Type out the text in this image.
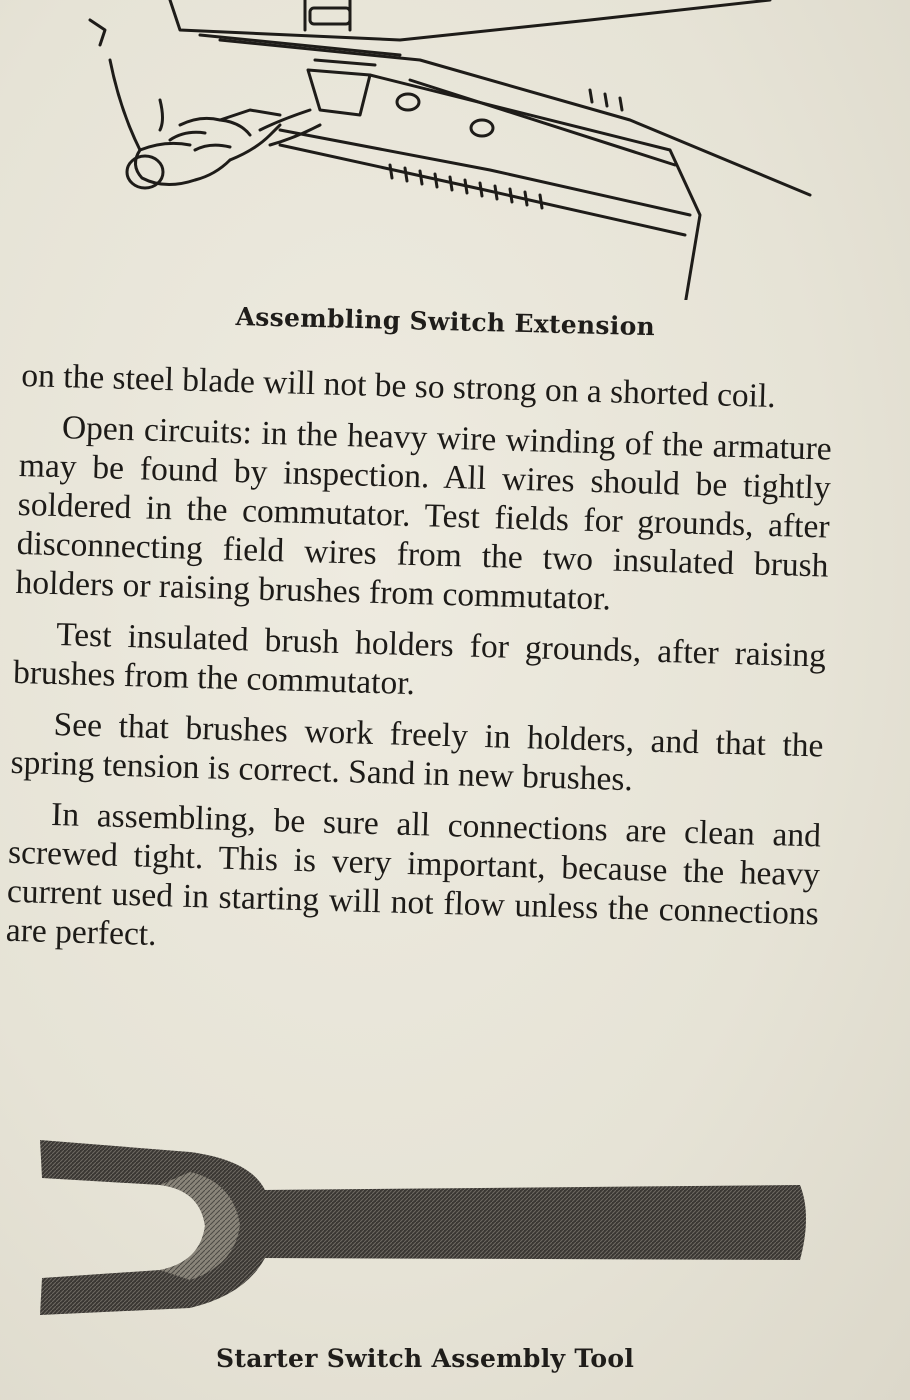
Assembling Switch Extension

on the steel blade will not be so strong on a shorted coil.

Open circuits: in the heavy wire winding of the armature may be found by inspection. All wires should be tightly soldered in the commutator. Test fields for grounds, after disconnecting field wires from the two insulated brush holders or raising brushes from commutator.

Test insulated brush holders for grounds, after raising brushes from the commutator.

See that brushes work freely in holders, and that the spring tension is correct. Sand in new brushes.

In assembling, be sure all connections are clean and screwed tight. This is very important, because the heavy current used in starting will not flow unless the connections are perfect.

Starter Switch Assembly Tool
